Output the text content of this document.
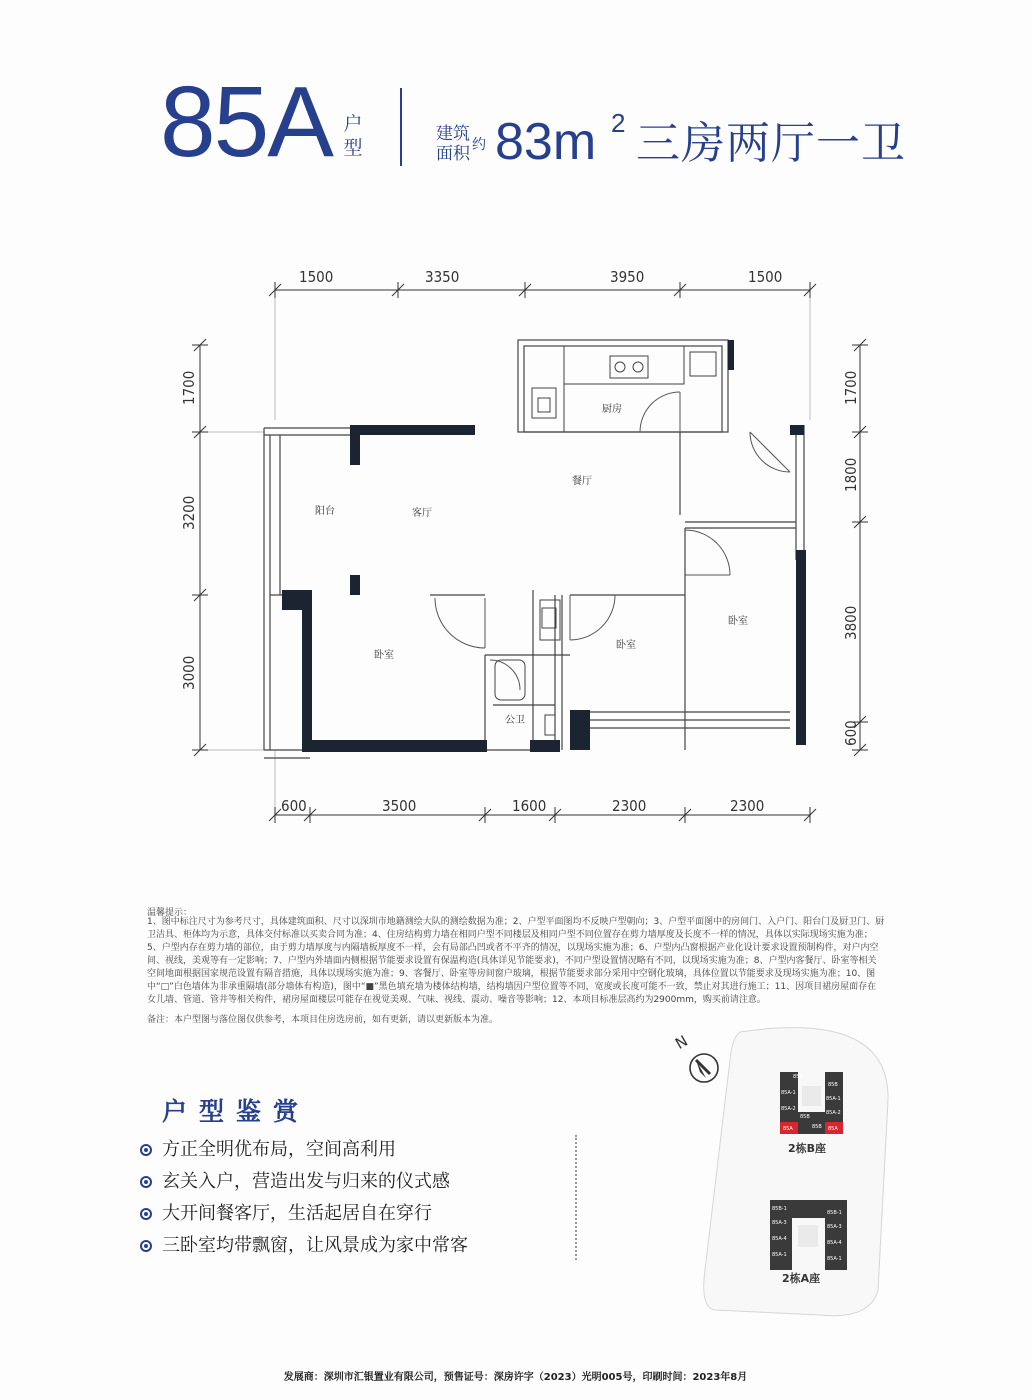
85A 户型
建筑面积 约 83m 2 三房两厅一卫
厨房
餐厅
阳台	客厅
卧室
卧室
卧室
公卫
1500	3350	3950	1500
600	3500	1600	2300	2300
1700
3200
3000
1700
1800
3800
600
温馨提示：
1、图中标注尺寸为参考尺寸，具体建筑面积、尺寸以深圳市地籍测绘大队的测绘数据为准；2、户型平面图均不反映户型朝向；3、户型平面图中的房间门、入户门、阳台门及厨卫门、厨卫洁具、柜体均为示意，具体交付标准以买卖合同为准；4、住房结构剪力墙在相同户型不同楼层及相同户型不同位置存在剪力墙厚度及长度不一样的情况，具体以实际现场实施为准；5、户型内存在剪力墙的部位，由于剪力墙厚度与内隔墙板厚度不一样，会有局部凸凹或者不平齐的情况，以现场实施为准；6、户型内凸窗根据产业化设计要求设置预制构件，对户内空间、视线，美观等有一定影响；7、户型内外墙面内侧根据节能要求设置有保温构造(具体详见节能要求)，不同户型设置情况略有不同，以现场实施为准；8、户型内客餐厅、卧室等相关空间地面根据国家规范设置有隔音措施，具体以现场实施为准；9、客餐厅、卧室等房间窗户玻璃，根据节能要求部分采用中空钢化玻璃，具体位置以节能要求及现场实施为准；10、图中“□”白色墙体为非承重隔墙(部分墙体有构造)，图中“■”黑色填充墙为楼体结构墙，结构墙因户型位置等不同，宽度或长度可能不一致，禁止对其进行施工；11、因项目裙房屋面存在女儿墙、管道、管井等相关构件，裙房屋面楼层可能存在视觉美观、气味、视线、震动、噪音等影响；12、本项目标准层高约为2900mm，购买前请注意。
备注：本户型图与落位图仅供参考，本项目住房选房前，如有更新，请以更新版本为准。
户型鉴赏
方正全明优布局，空间高利用
玄关入户，营造出发与归来的仪式感
大开间餐客厅，生活起居自在穿行
三卧室均带飘窗，让风景成为家中常客
N
85B
85B
85A-1
85A-1
85A-2
85A-2
85B
85B
85A	85A
2栋B座
85B-1
85B-1
85A-3
85A-3
85A-4
85A-4
85A-1
85A-1
2栋A座
发展商：深圳市汇银置业有限公司，预售证号：深房许字（2023）光明005号，印刷时间：2023年8月
